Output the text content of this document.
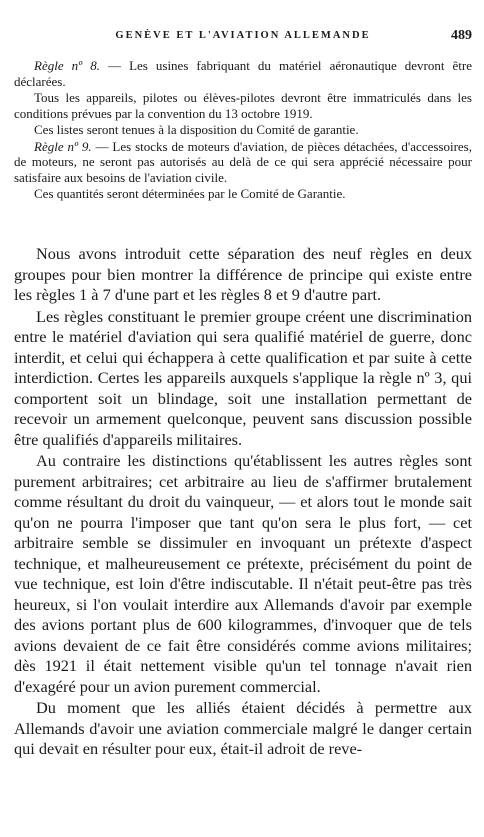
GENÈVE ET L'AVIATION ALLEMANDE	489

Règle nº 8. — Les usines fabriquant du matériel aéronautique devront être déclarées.

Tous les appareils, pilotes ou élèves-pilotes devront être immatriculés dans les conditions prévues par la convention du 13 octobre 1919.

Ces listes seront tenues à la disposition du Comité de garantie.

Règle nº 9. — Les stocks de moteurs d'aviation, de pièces détachées, d'accessoires, de moteurs, ne seront pas autorisés au delà de ce qui sera apprécié nécessaire pour satisfaire aux besoins de l'aviation civile.

Ces quantités seront déterminées par le Comité de Garantie.

Nous avons introduit cette séparation des neuf règles en deux groupes pour bien montrer la différence de principe qui existe entre les règles 1 à 7 d'une part et les règles 8 et 9 d'autre part.

Les règles constituant le premier groupe créent une discrimination entre le matériel d'aviation qui sera qualifié matériel de guerre, donc interdit, et celui qui échappera à cette qualification et par suite à cette interdiction. Certes les appareils auxquels s'applique la règle nº 3, qui comportent soit un blindage, soit une installation permettant de recevoir un armement quelconque, peuvent sans discussion possible être qualifiés d'appareils militaires.

Au contraire les distinctions qu'établissent les autres règles sont purement arbitraires; cet arbitraire au lieu de s'affirmer brutalement comme résultant du droit du vainqueur, — et alors tout le monde sait qu'on ne pourra l'imposer que tant qu'on sera le plus fort, — cet arbitraire semble se dissimuler en invoquant un prétexte d'aspect technique, et malheureusement ce prétexte, précisément du point de vue technique, est loin d'être indiscutable. Il n'était peut-être pas très heureux, si l'on voulait interdire aux Allemands d'avoir par exemple des avions portant plus de 600 kilogrammes, d'invoquer que de tels avions devaient de ce fait être considérés comme avions militaires; dès 1921 il était nettement visible qu'un tel tonnage n'avait rien d'exagéré pour un avion purement commercial.

Du moment que les alliés étaient décidés à permettre aux Allemands d'avoir une aviation commerciale malgré le danger certain qui devait en résulter pour eux, était-il adroit de reve-
